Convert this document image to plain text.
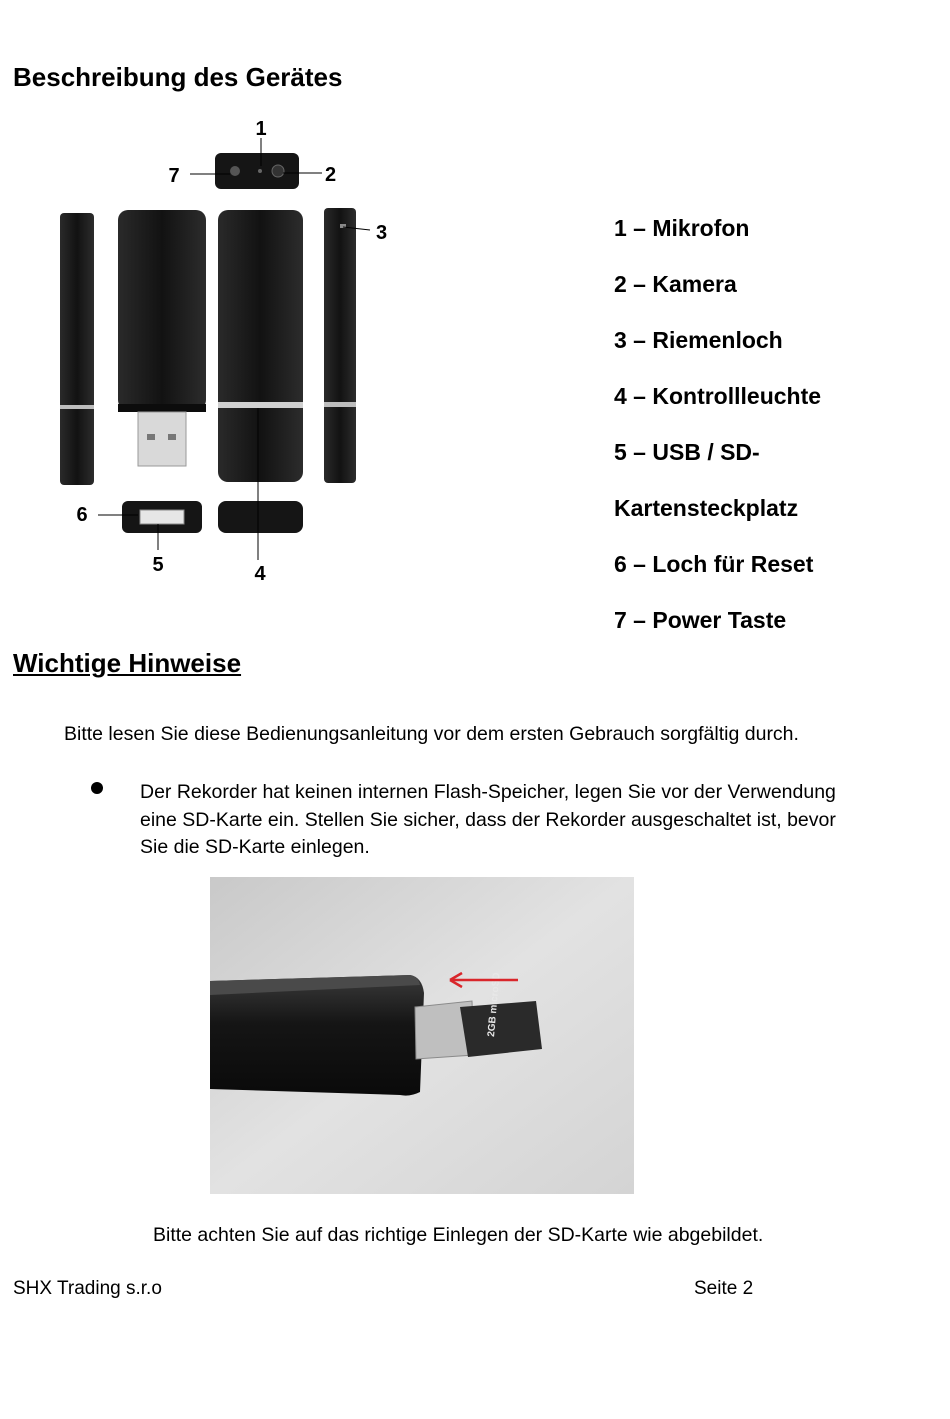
Beschreibung des Gerätes
1
2
3
4
5
6
7
1 – Mikrofon
2 – Kamera
3 – Riemenloch
4 – Kontrollleuchte
5 – USB / SD-
Kartensteckplatz
6 – Loch für Reset
7 – Power Taste
Wichtige Hinweise
Bitte lesen Sie diese Bedienungsanleitung vor dem ersten Gebrauch sorgfältig durch.
Der Rekorder hat keinen internen Flash-Speicher, legen Sie vor der Verwendung eine SD-Karte ein. Stellen Sie sicher, dass der Rekorder ausgeschaltet ist, bevor Sie die SD-Karte einlegen.
2GB microSD
Bitte achten Sie auf das richtige Einlegen der SD-Karte wie abgebildet.
SHX Trading s.r.o	Seite 2
